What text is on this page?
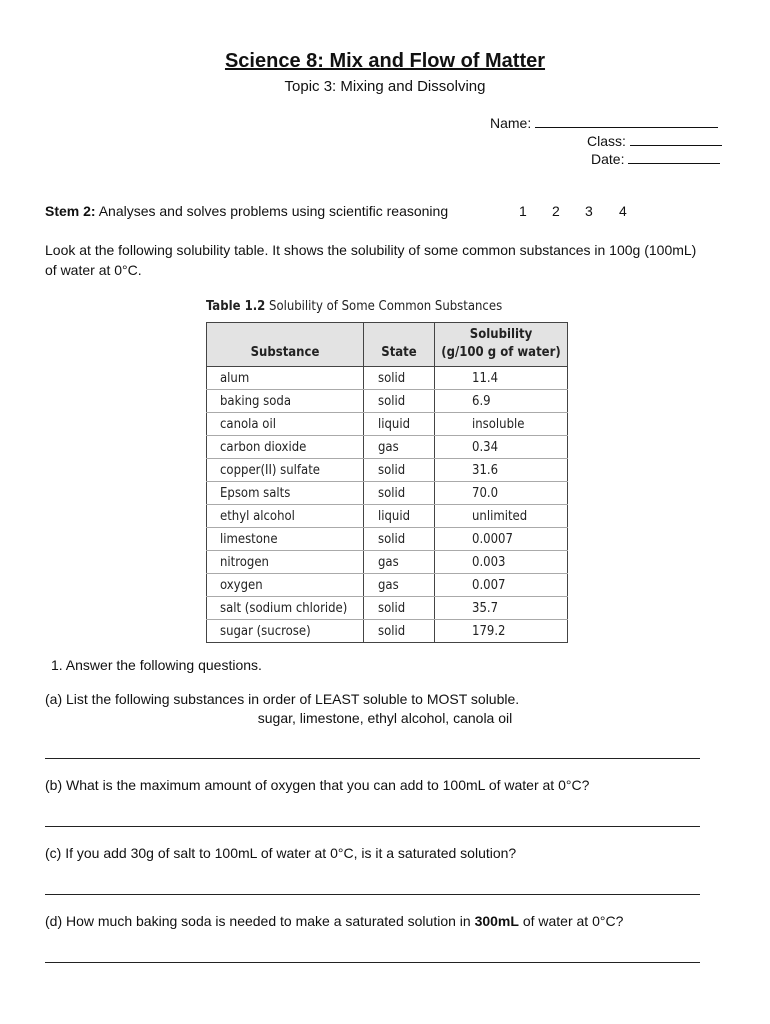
Science 8: Mix and Flow of Matter
Topic 3: Mixing and Dissolving
Name:
Class:
Date:
Stem 2: Analyses and solves problems using scientific reasoning	1 2 3 4
Look at the following solubility table. It shows the solubility of some common substances in 100g (100mL) of water at 0°C.
Table 1.2 Solubility of Some Common Substances
Substance	State	Solubility
(g/100 g of water)

alum	solid	11.4
baking soda	solid	6.9
canola oil	liquid	insoluble
carbon dioxide	gas	0.34
copper(II) sulfate	solid	31.6
Epsom salts	solid	70.0
ethyl alcohol	liquid	unlimited
limestone	solid	0.0007
nitrogen	gas	0.003
oxygen	gas	0.007
salt (sodium chloride)	solid	35.7
sugar (sucrose)	solid	179.2
1. Answer the following questions.
(a) List the following substances in order of LEAST soluble to MOST soluble.
sugar, limestone, ethyl alcohol, canola oil
(b) What is the maximum amount of oxygen that you can add to 100mL of water at 0°C?
(c) If you add 30g of salt to 100mL of water at 0°C, is it a saturated solution?
(d) How much baking soda is needed to make a saturated solution in 300mL of water at 0°C?
